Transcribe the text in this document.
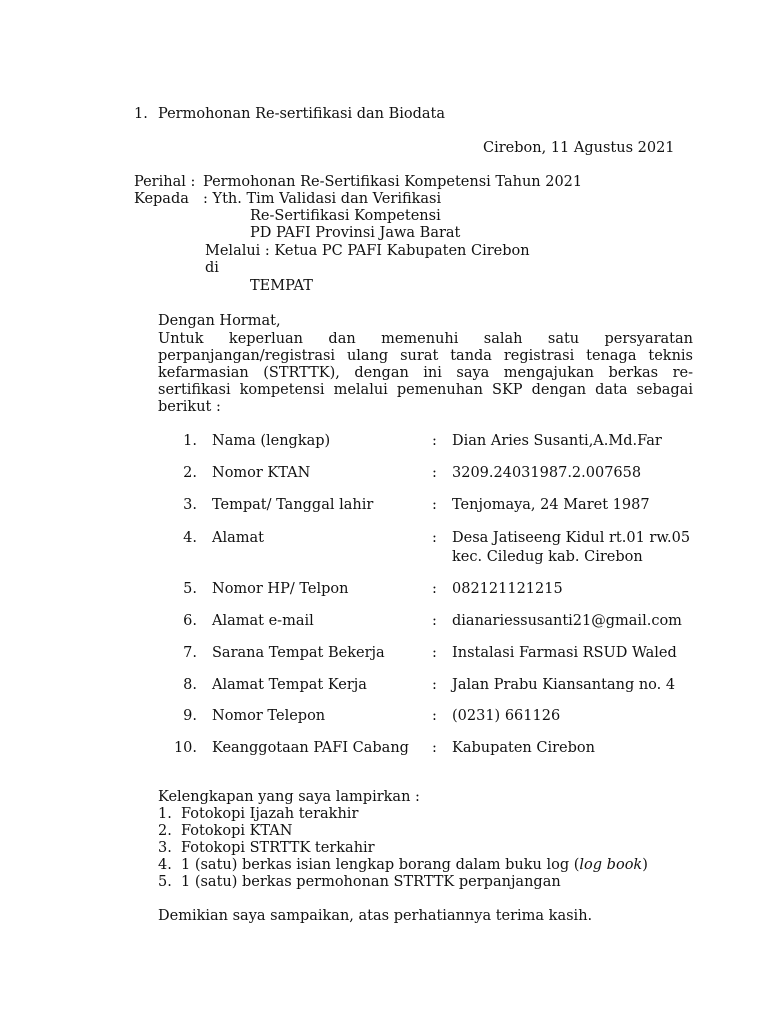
1. Permohonan Re-sertifikasi dan Biodata
Cirebon, 11 Agustus 2021
Perihal : Permohonan Re-Sertifikasi Kompetensi Tahun 2021
Kepada : Yth. Tim Validasi dan Verifikasi
Re-Sertifikasi Kompetensi
PD PAFI Provinsi Jawa Barat
Melalui : Ketua PC PAFI Kabupaten Cirebon
di
TEMPAT
Dengan Hormat,
Untuk keperluan dan memenuhi salah satu persyaratan perpanjangan/registrasi ulang surat tanda registrasi tenaga teknis kefarmasian (STRTTK), dengan ini saya mengajukan berkas re-sertifikasi kompetensi melalui pemenuhan SKP dengan data sebagai berikut :
1. Nama (lengkap)	: Dian Aries Susanti,A.Md.Far
2. Nomor KTAN	: 3209.24031987.2.007658
3. Tempat/ Tanggal lahir	: Tenjomaya, 24 Maret 1987
4. Alamat	: Desa Jatiseeng Kidul rt.01 rw.05
kec. Ciledug kab. Cirebon
5. Nomor HP/ Telpon	: 082121121215
6. Alamat e-mail	: dianariessusanti21@gmail.com
7. Sarana Tempat Bekerja	: Instalasi Farmasi RSUD Waled
8. Alamat Tempat Kerja	: Jalan Prabu Kiansantang no. 4
9. Nomor Telepon	: (0231) 661126
10. Keanggotaan PAFI Cabang : Kabupaten Cirebon
Kelengkapan yang saya lampirkan :
1. Fotokopi Ijazah terakhir
2. Fotokopi KTAN
3. Fotokopi STRTTK terkahir
4. 1 (satu) berkas isian lengkap borang dalam buku log (log book)
5. 1 (satu) berkas permohonan STRTTK perpanjangan
Demikian saya sampaikan, atas perhatiannya terima kasih.
